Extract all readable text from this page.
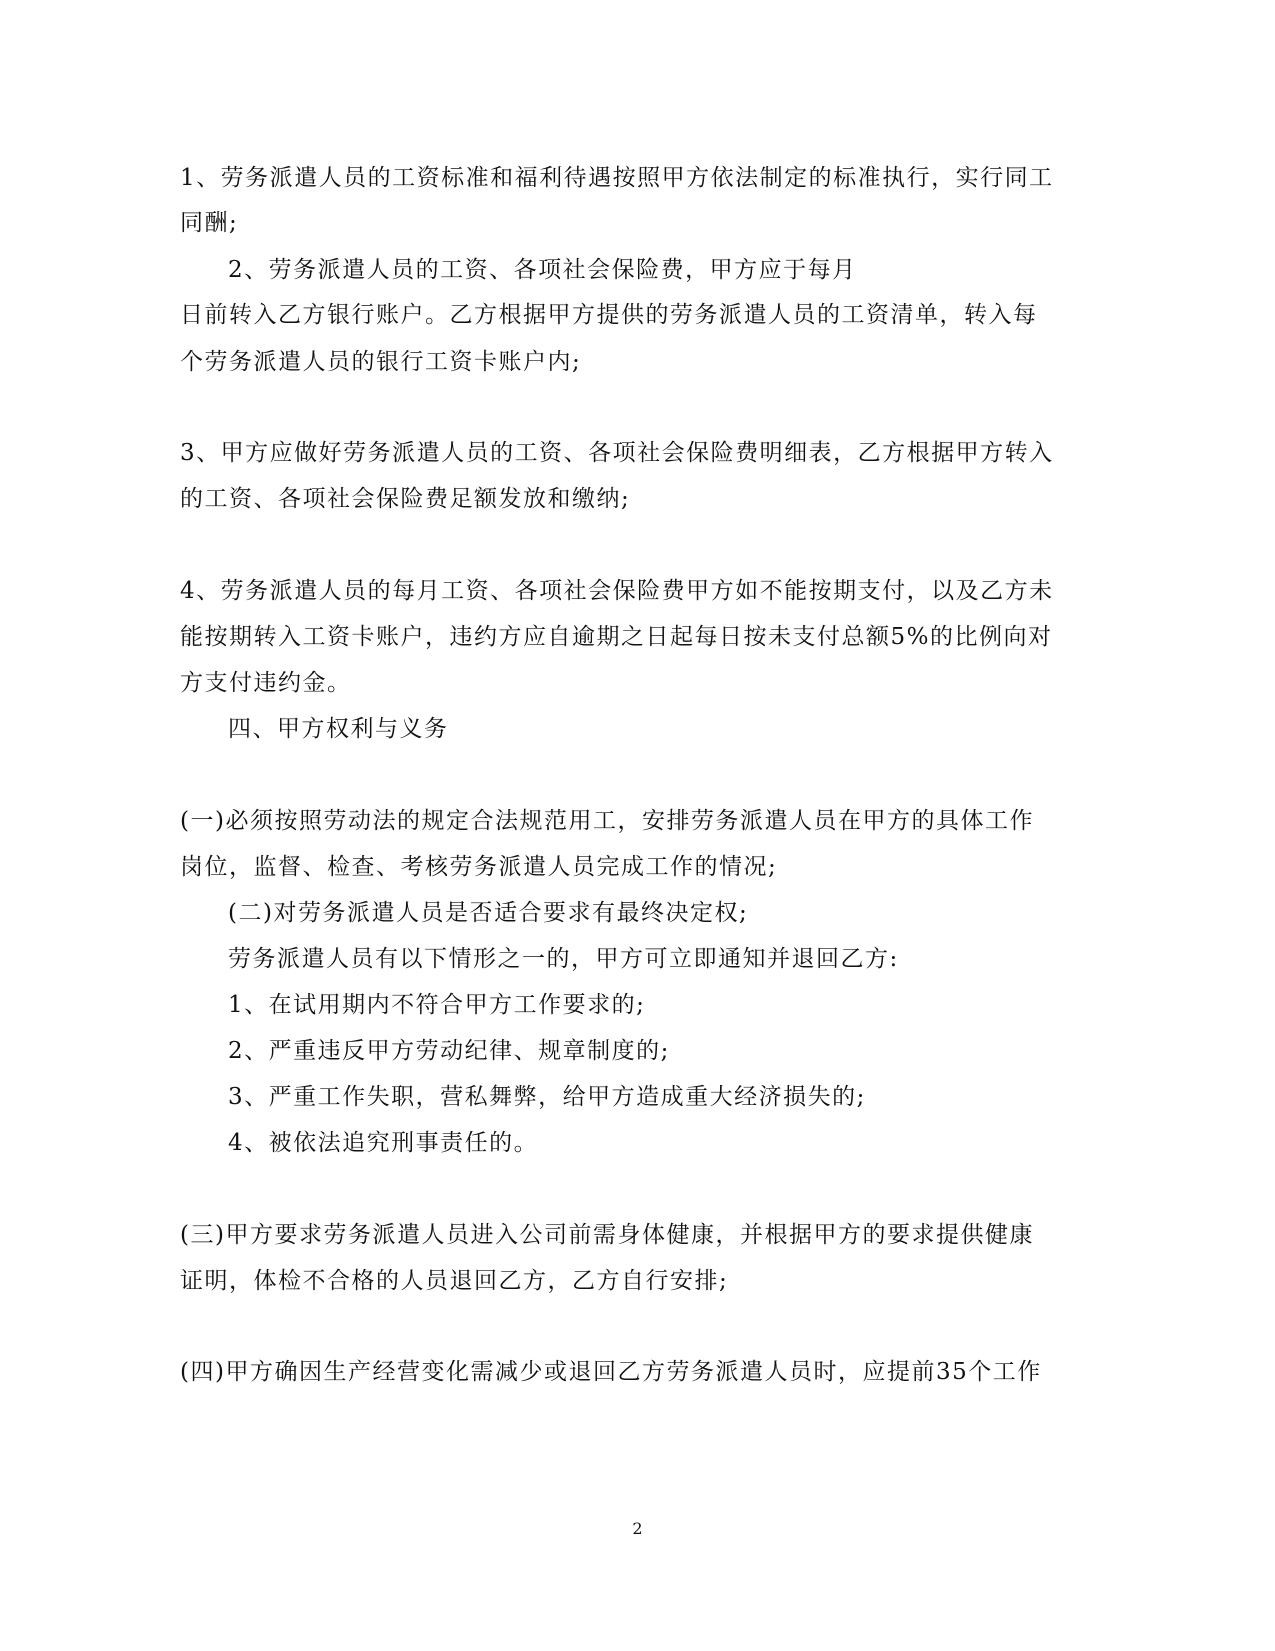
1、劳务派遣人员的工资标准和福利待遇按照甲方依法制定的标准执行，实行同工
同酬;
2、劳务派遣人员的工资、各项社会保险费，甲方应于每月
日前转入乙方银行账户。乙方根据甲方提供的劳务派遣人员的工资清单，转入每
个劳务派遣人员的银行工资卡账户内;
3、甲方应做好劳务派遣人员的工资、各项社会保险费明细表，乙方根据甲方转入
的工资、各项社会保险费足额发放和缴纳;
4、劳务派遣人员的每月工资、各项社会保险费甲方如不能按期支付，以及乙方未
能按期转入工资卡账户，违约方应自逾期之日起每日按未支付总额5%的比例向对
方支付违约金。
四、甲方权利与义务
(一)必须按照劳动法的规定合法规范用工，安排劳务派遣人员在甲方的具体工作
岗位，监督、检查、考核劳务派遣人员完成工作的情况;
(二)对劳务派遣人员是否适合要求有最终决定权;
劳务派遣人员有以下情形之一的，甲方可立即通知并退回乙方:
1、在试用期内不符合甲方工作要求的;
2、严重违反甲方劳动纪律、规章制度的;
3、严重工作失职，营私舞弊，给甲方造成重大经济损失的;
4、被依法追究刑事责任的。
(三)甲方要求劳务派遣人员进入公司前需身体健康，并根据甲方的要求提供健康
证明，体检不合格的人员退回乙方，乙方自行安排;
(四)甲方确因生产经营变化需减少或退回乙方劳务派遣人员时，应提前35个工作
2
